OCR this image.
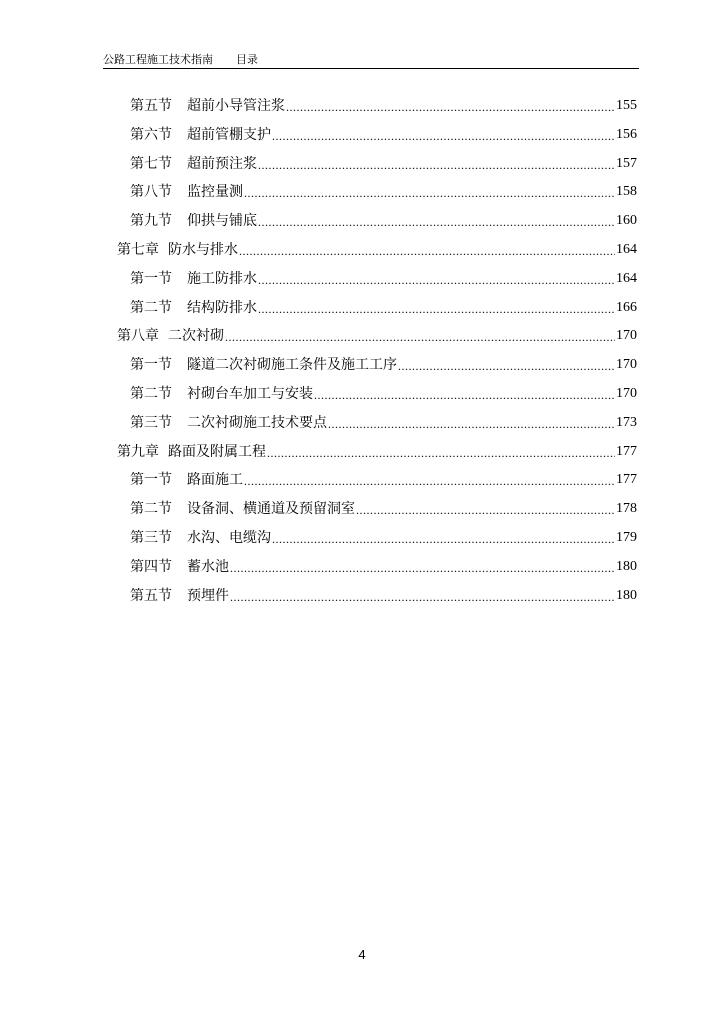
公路工程施工技术指南 目录
第五节	超前小导管注浆 .....	155
第六节	超前管棚支护 .....	156
第七节	超前预注浆 .....	157
第八节	监控量测 .....	158
第九节	仰拱与铺底 .....	160
第七章 防水与排水 .....	164
第一节	施工防排水 .....	164
第二节	结构防排水 .....	166
第八章 二次衬砌 .....	170
第一节	隧道二次衬砌施工条件及施工工序 .....	170
第二节	衬砌台车加工与安装 .....	170
第三节	二次衬砌施工技术要点 .....	173
第九章 路面及附属工程 .....	177
第一节	路面施工 .....	177
第二节	设备洞、横通道及预留洞室 .....	178
第三节	水沟、电缆沟 .....	179
第四节	蓄水池 .....	180
第五节	预埋件 .....	180
4
